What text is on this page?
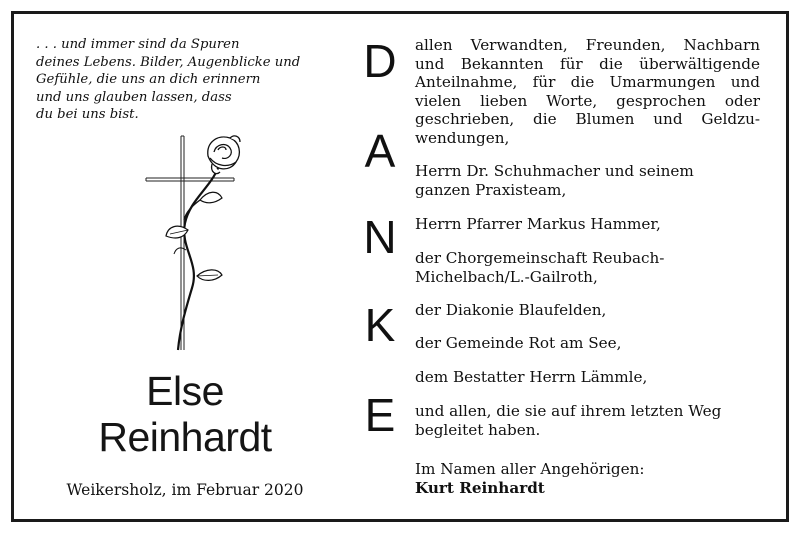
. . . und immer sind da Spuren
deines Lebens. Bilder, Augenblicke und
Gefühle, die uns an dich erinnern
und uns glauben lassen, dass
du bei uns bist.
Else
Reinhardt
Weikersholz, im Februar 2020
D
A
N
K
E
allen Verwandten, Freunden, Nachbarn
und Bekannten für die überwältigende
Anteilnahme, für die Umarmungen und
vielen lieben Worte, gesprochen oder
geschrieben, die Blumen und Geldzu-
wendungen,
Herrn Dr. Schuhmacher und seinem
ganzen Praxisteam,
Herrn Pfarrer Markus Hammer,
der Chorgemeinschaft Reubach-
Michelbach/L.-Gailroth,
der Diakonie Blaufelden,
der Gemeinde Rot am See,
dem Bestatter Herrn Lämmle,
und allen, die sie auf ihrem letzten Weg
begleitet haben.
Im Namen aller Angehörigen:
Kurt Reinhardt
